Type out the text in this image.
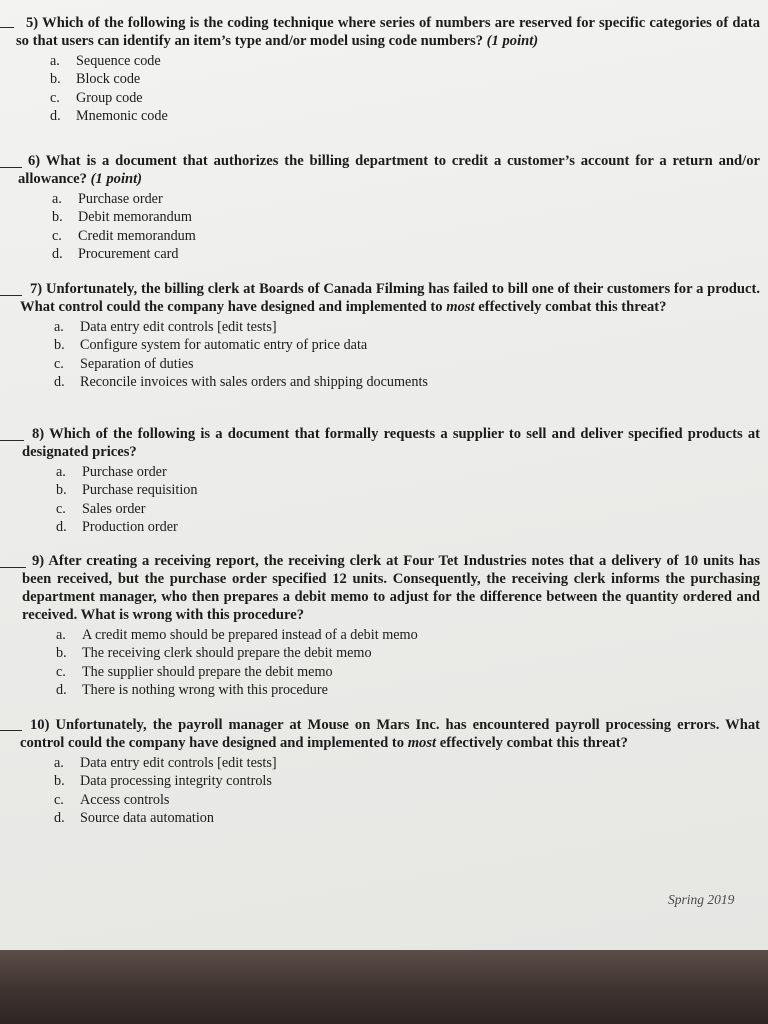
5) Which of the following is the coding technique where series of numbers are reserved for specific categories of data so that users can identify an item’s type and/or model using code numbers? (1 point)

a. Sequence code
b. Block code
c. Group code
d. Mnemonic code

6) What is a document that authorizes the billing department to credit a customer’s account for a return and/or allowance? (1 point)

a. Purchase order
b. Debit memorandum
c. Credit memorandum
d. Procurement card

7) Unfortunately, the billing clerk at Boards of Canada Filming has failed to bill one of their customers for a product. What control could the company have designed and implemented to most effectively combat this threat?

a. Data entry edit controls [edit tests]
b. Configure system for automatic entry of price data
c. Separation of duties
d. Reconcile invoices with sales orders and shipping documents

8) Which of the following is a document that formally requests a supplier to sell and deliver specified products at designated prices?

a. Purchase order
b. Purchase requisition
c. Sales order
d. Production order

9) After creating a receiving report, the receiving clerk at Four Tet Industries notes that a delivery of 10 units has been received, but the purchase order specified 12 units. Consequently, the receiving clerk informs the purchasing department manager, who then prepares a debit memo to adjust for the difference between the quantity ordered and received. What is wrong with this procedure?

a. A credit memo should be prepared instead of a debit memo
b. The receiving clerk should prepare the debit memo
c. The supplier should prepare the debit memo
d. There is nothing wrong with this procedure

10) Unfortunately, the payroll manager at Mouse on Mars Inc. has encountered payroll processing errors. What control could the company have designed and implemented to most effectively combat this threat?

a. Data entry edit controls [edit tests]
b. Data processing integrity controls
c. Access controls
d. Source data automation
Spring 2019
